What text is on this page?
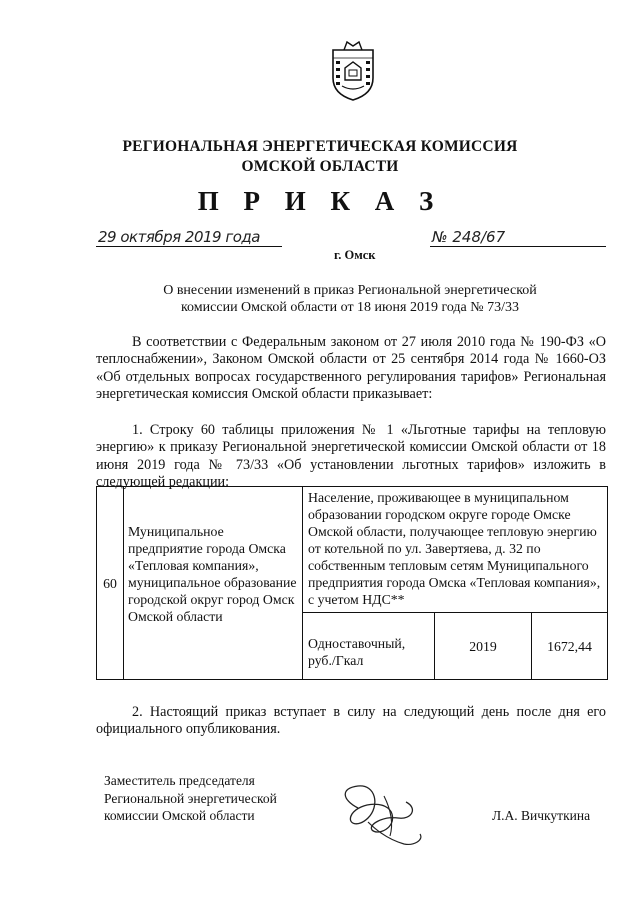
РЕГИОНАЛЬНАЯ ЭНЕРГЕТИЧЕСКАЯ КОМИССИЯ
ОМСКОЙ ОБЛАСТИ
П Р И К А З
29 октября 2019 года
г. Омск
№ 248/67
О внесении изменений в приказ Региональной энергетической комиссии Омской области от 18 июня 2019 года № 73/33
В соответствии с Федеральным законом от 27 июля 2010 года № 190-ФЗ «О теплоснабжении», Законом Омской области от 25 сентября 2014 года № 1660-ОЗ «Об отдельных вопросах государственного регулирования тарифов» Региональная энергетическая комиссия Омской области приказывает:
1. Строку 60 таблицы приложения № 1 «Льготные тарифы на тепловую энергию» к приказу Региональной энергетической комиссии Омской области от 18 июня 2019 года № 73/33 «Об установлении льготных тарифов» изложить в следующей редакции:
60	Муниципальное предприятие города Омска «Тепловая компания», муниципальное образование городской округ город Омск Омской области	Население, проживающее в муниципальном образовании городском округе городе Омске Омской области, получающее тепловую энергию от котельной по ул. Завертяева, д. 32 по собственным тепловым сетям Муниципального предприятия города Омска «Тепловая компания», с учетом НДС**		
		Одноставочный, руб./Гкал	2019	1672,44
2. Настоящий приказ вступает в силу на следующий день после дня его официального опубликования.
Заместитель председателя
Региональной энергетической
комиссии Омской области	Л.А. Вичкуткина
